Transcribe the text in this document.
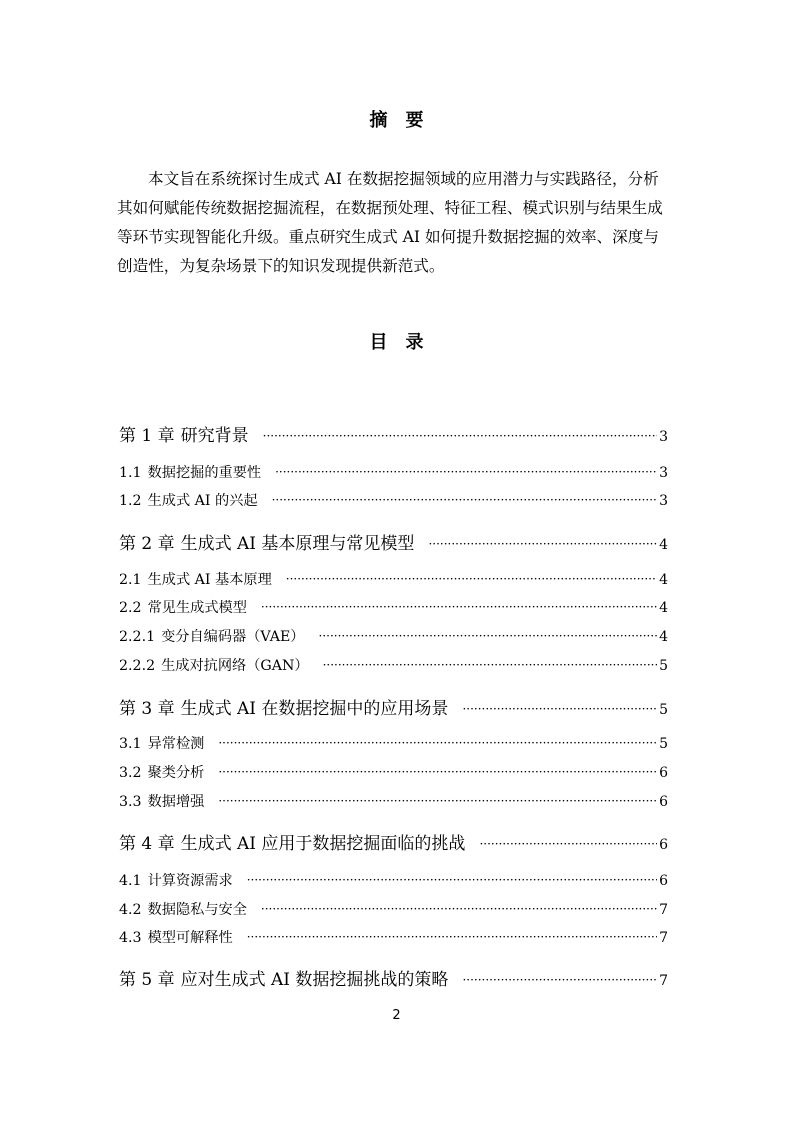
摘 要
本文旨在系统探讨生成式 AI 在数据挖掘领域的应用潜力与实践路径，分析
其如何赋能传统数据挖掘流程，在数据预处理、特征工程、模式识别与结果生成
等环节实现智能化升级。重点研究生成式 AI 如何提升数据挖掘的效率、深度与
创造性，为复杂场景下的知识发现提供新范式。
目 录
第 1 章 研究背景 ·····	3
1.1 数据挖掘的重要性 ·····	3
1.2 生成式 AI 的兴起 ·····	3
第 2 章 生成式 AI 基本原理与常见模型 ·····	4
2.1 生成式 AI 基本原理 ·····	4
2.2 常见生成式模型 ·····	4
2.2.1 变分自编码器（VAE） ·····	4
2.2.2 生成对抗网络（GAN） ·····	5
第 3 章 生成式 AI 在数据挖掘中的应用场景 ·····	5
3.1 异常检测 ·····	5
3.2 聚类分析 ·····	6
3.3 数据增强 ·····	6
第 4 章 生成式 AI 应用于数据挖掘面临的挑战 ·····	6
4.1 计算资源需求 ·····	6
4.2 数据隐私与安全 ·····	7
4.3 模型可解释性 ·····	7
第 5 章 应对生成式 AI 数据挖掘挑战的策略 ·····	7
2
